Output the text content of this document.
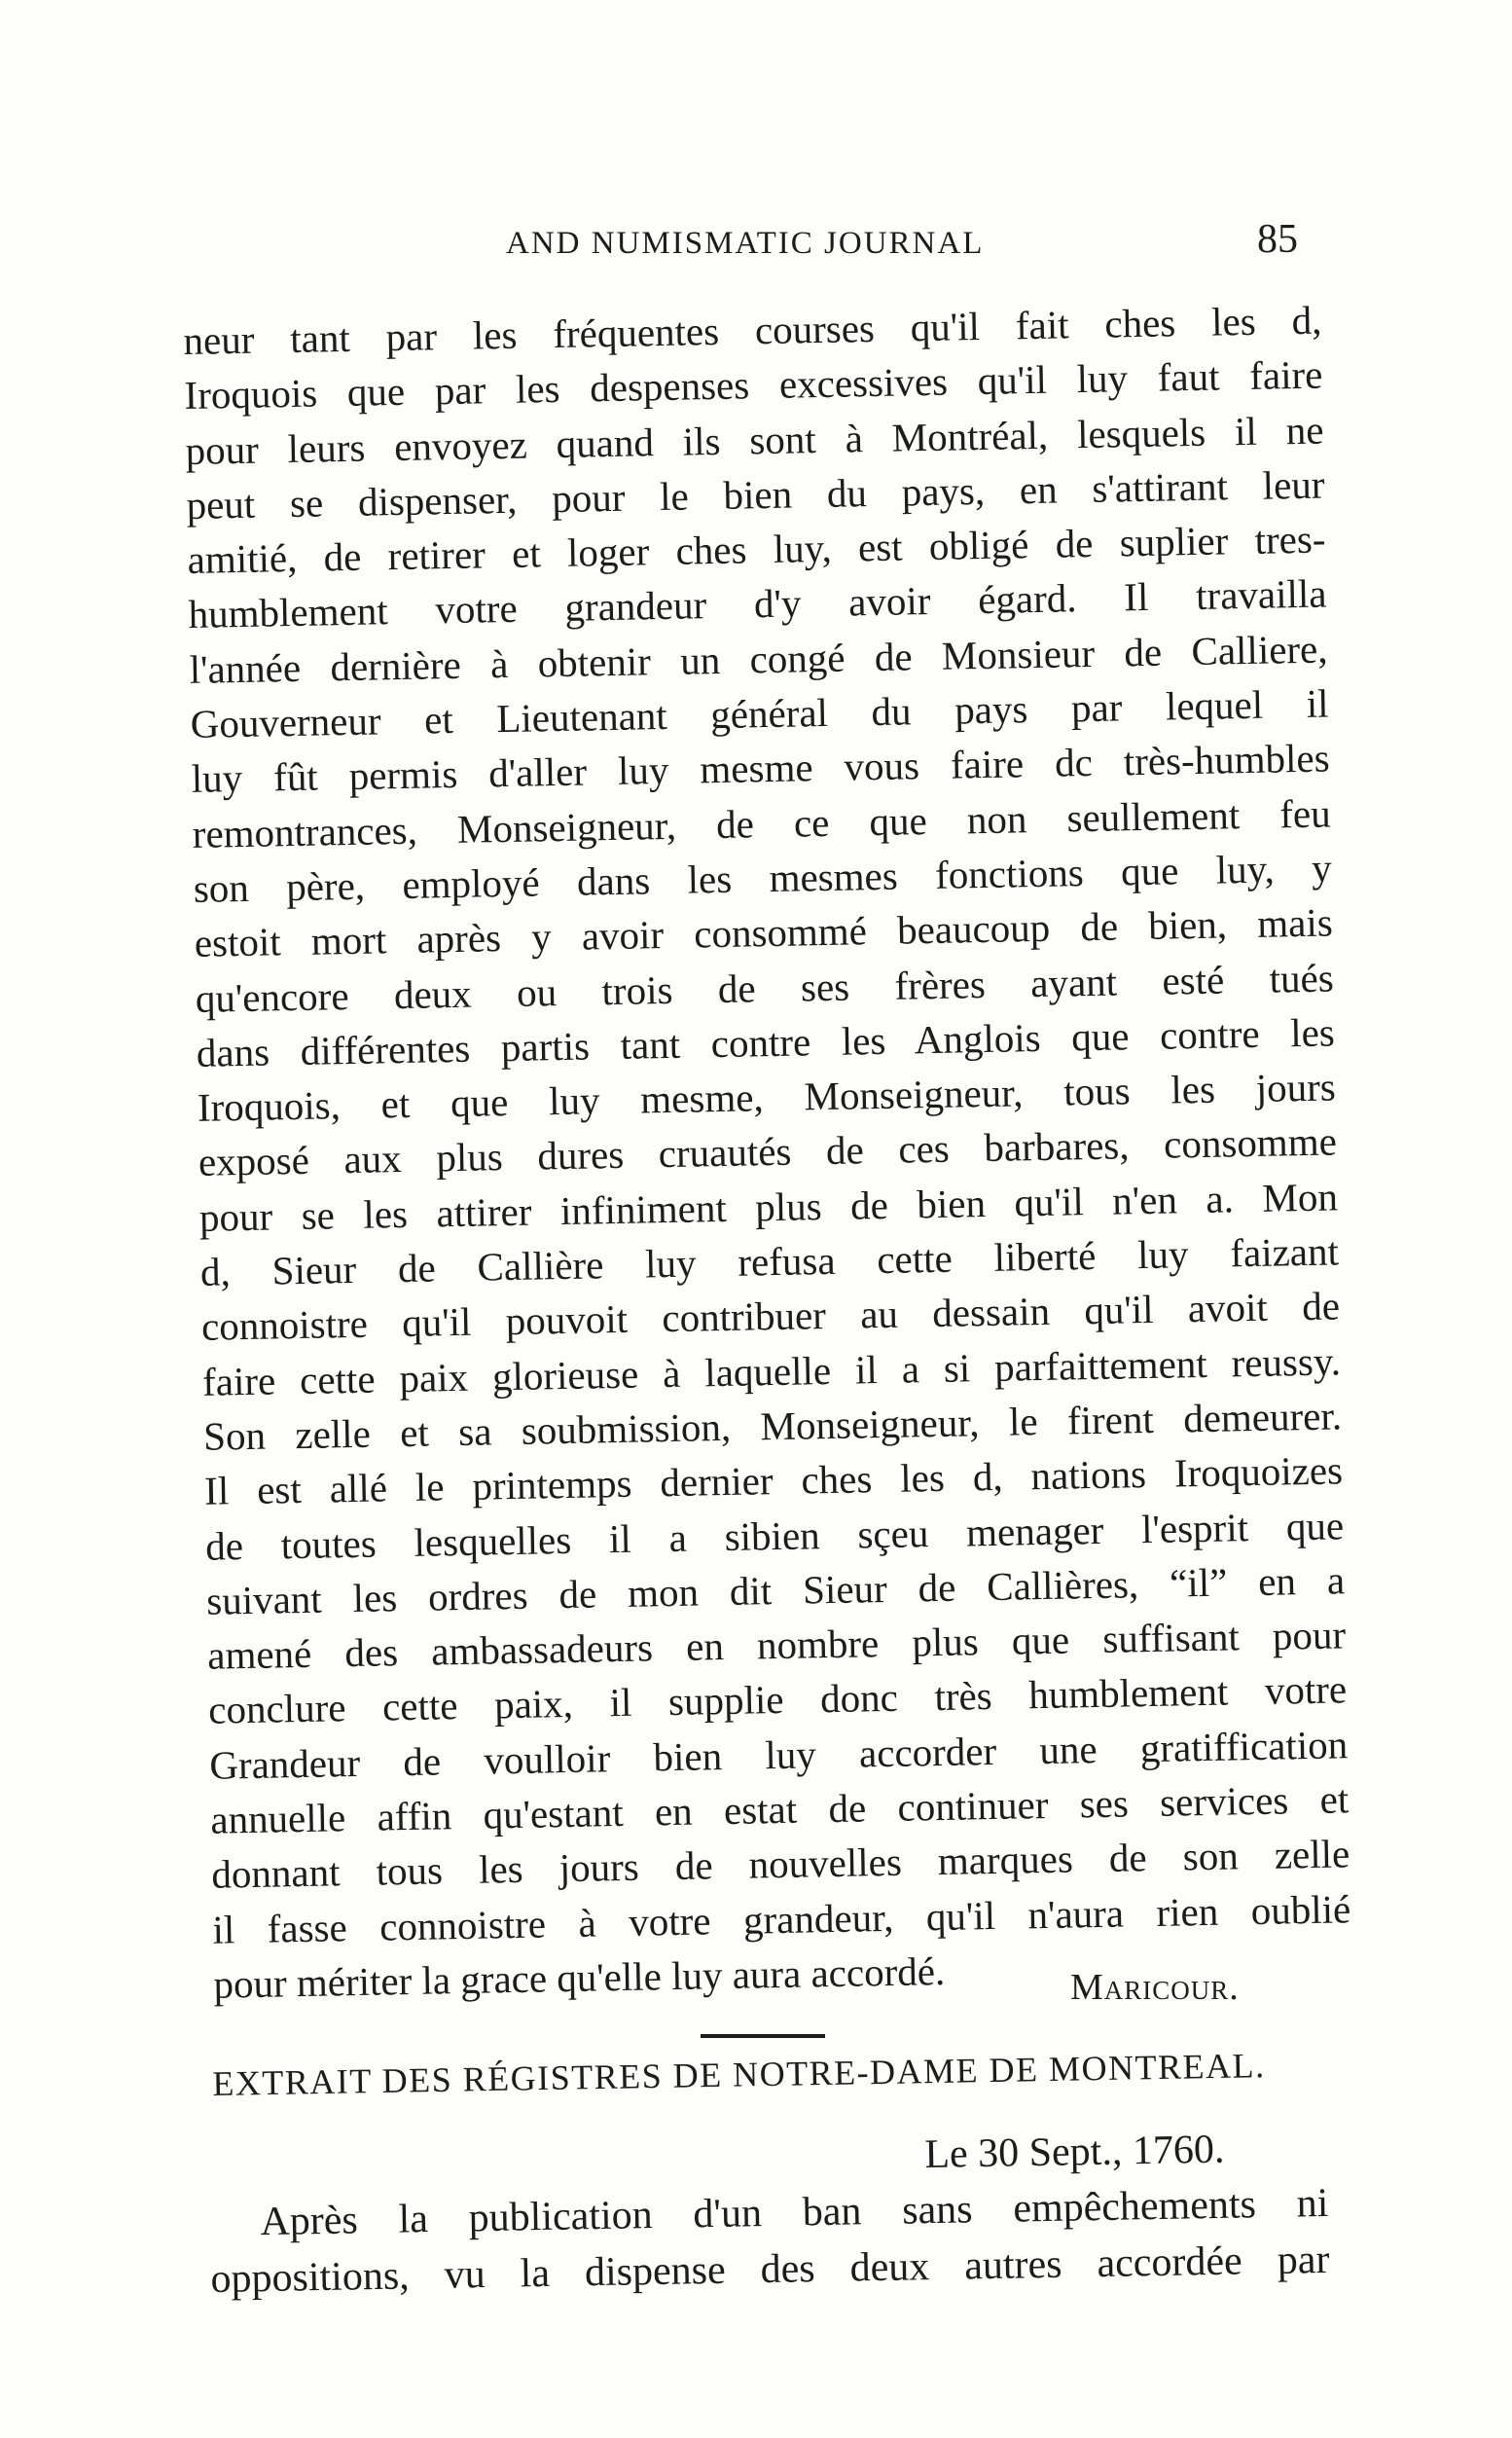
AND NUMISMATIC JOURNAL	85
neur tant par les fréquentes courses qu'il fait ches les d,
Iroquois que par les despenses excessives qu'il luy faut faire
pour leurs envoyez quand ils sont à Montréal, lesquels il ne
peut se dispenser, pour le bien du pays, en s'attirant leur
amitié, de retirer et loger ches luy, est obligé de suplier tres-
humblement votre grandeur d'y avoir égard. Il travailla
l'année dernière à obtenir un congé de Monsieur de Calliere,
Gouverneur et Lieutenant général du pays par lequel il
luy fût permis d'aller luy mesme vous faire dc très-humbles
remontrances, Monseigneur, de ce que non seullement feu
son père, employé dans les mesmes fonctions que luy, y
estoit mort après y avoir consommé beaucoup de bien, mais
qu'encore deux ou trois de ses frères ayant esté tués
dans différentes partis tant contre les Anglois que contre les
Iroquois, et que luy mesme, Monseigneur, tous les jours
exposé aux plus dures cruautés de ces barbares, consomme
pour se les attirer infiniment plus de bien qu'il n'en a. Mon
d, Sieur de Callière luy refusa cette liberté luy faizant
connoistre qu'il pouvoit contribuer au dessain qu'il avoit de
faire cette paix glorieuse à laquelle il a si parfaittement reussy.
Son zelle et sa soubmission, Monseigneur, le firent demeurer.
Il est allé le printemps dernier ches les d, nations Iroquoizes
de toutes lesquelles il a sibien sçeu menager l'esprit que
suivant les ordres de mon dit Sieur de Callières, “il” en a
amené des ambassadeurs en nombre plus que suffisant pour
conclure cette paix, il supplie donc très humblement votre
Grandeur de voulloir bien luy accorder une gratiffication
annuelle affin qu'estant en estat de continuer ses services et
donnant tous les jours de nouvelles marques de son zelle
il fasse connoistre à votre grandeur, qu'il n'aura rien oublié
pour mériter la grace qu'elle luy aura accordé.	Maricour.
EXTRAIT DES RÉGISTRES DE NOTRE-DAME DE MONTREAL.
Le 30 Sept., 1760.
Après la publication d'un ban sans empêchements ni
oppositions, vu la dispense des deux autres accordée par
